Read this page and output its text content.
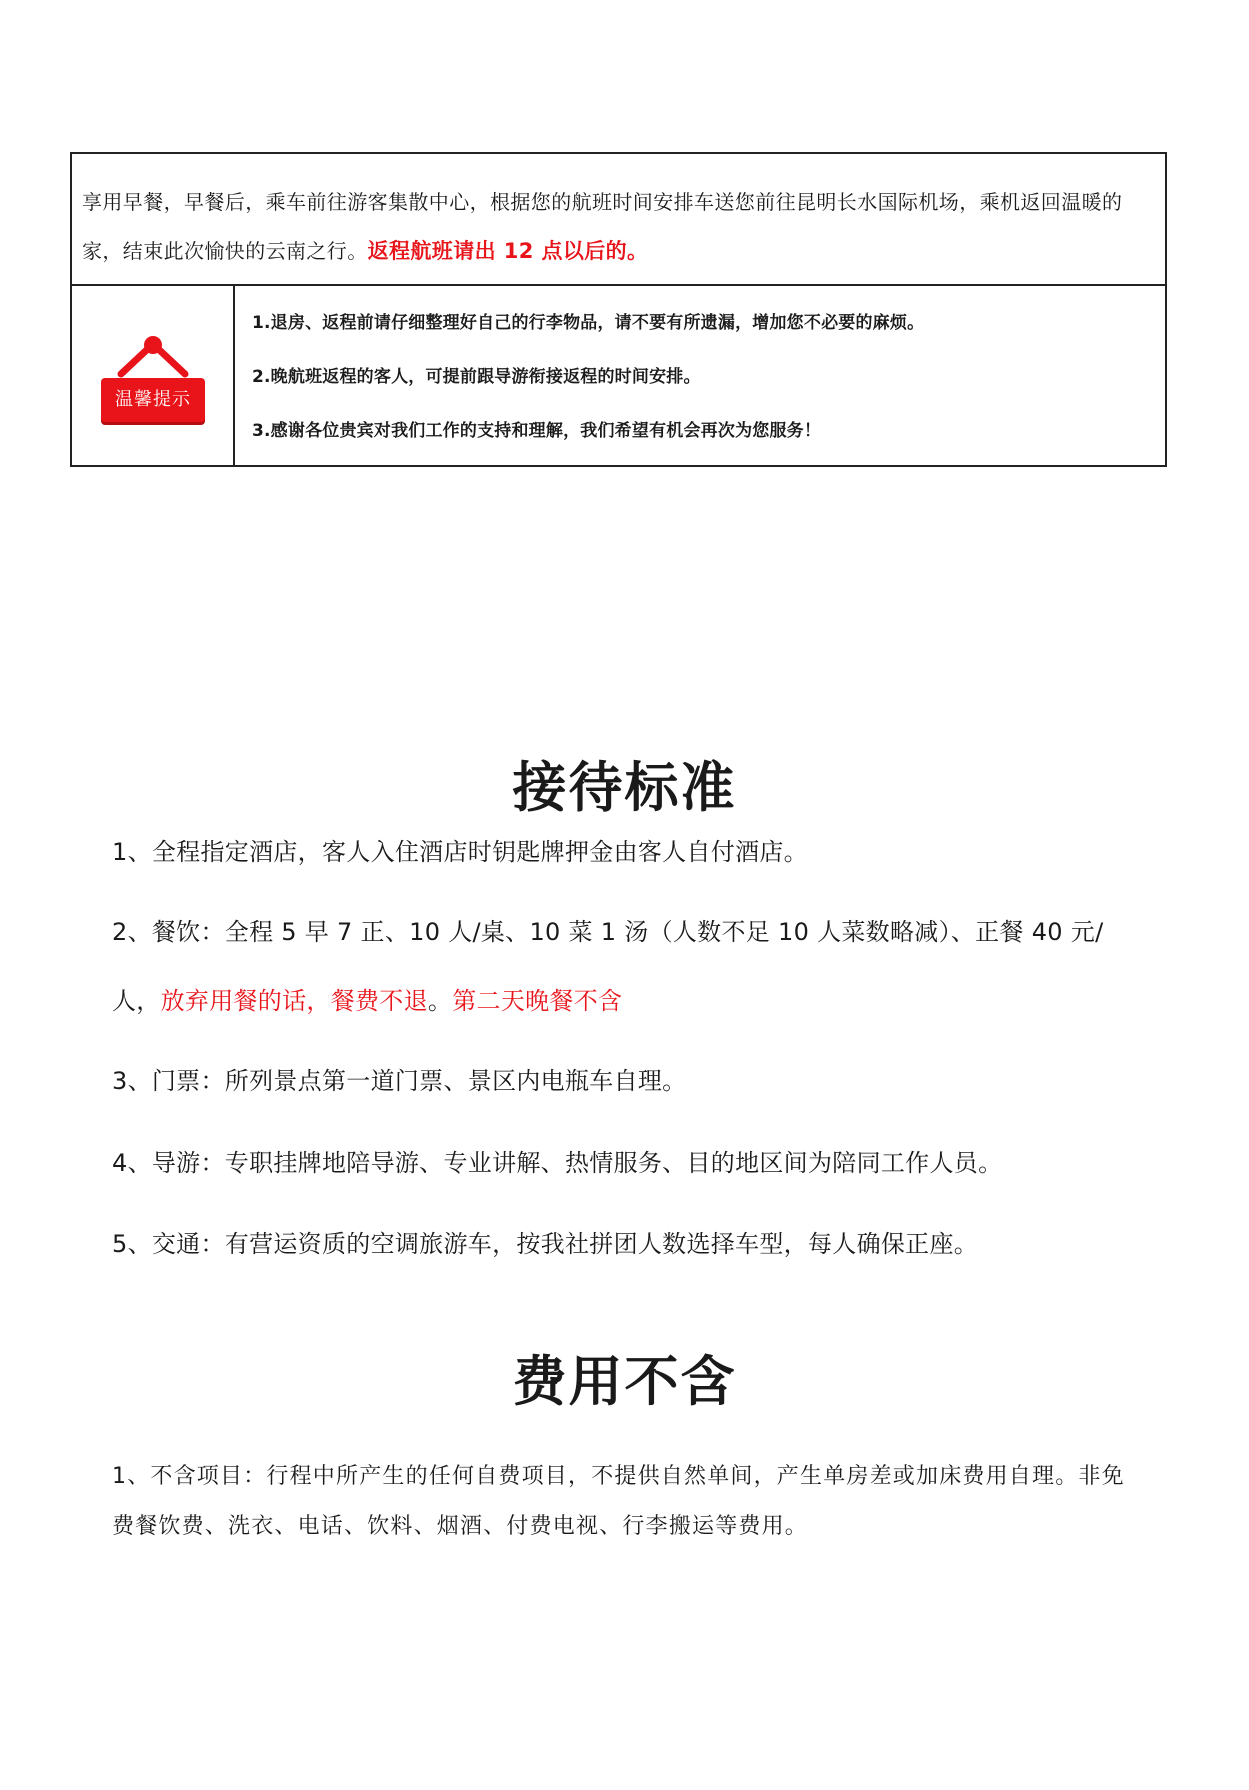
享用早餐，早餐后，乘车前往游客集散中心，根据您的航班时间安排车送您前往昆明长水国际机场，乘机返回温暖的家，结束此次愉快的云南之行。返程航班请出 12 点以后的。
温馨提示
1.退房、返程前请仔细整理好自己的行李物品，请不要有所遗漏，增加您不必要的麻烦。
2.晚航班返程的客人，可提前跟导游衔接返程的时间安排。
3.感谢各位贵宾对我们工作的支持和理解，我们希望有机会再次为您服务！
接待标准
1、全程指定酒店，客人入住酒店时钥匙牌押金由客人自付酒店。
2、餐饮：全程 5 早 7 正、10 人/桌、10 菜 1 汤（人数不足 10 人菜数略减）、正餐 40 元/
人，放弃用餐的话，餐费不退。第二天晚餐不含
3、门票：所列景点第一道门票、景区内电瓶车自理。
4、导游：专职挂牌地陪导游、专业讲解、热情服务、目的地区间为陪同工作人员。
5、交通：有营运资质的空调旅游车，按我社拼团人数选择车型，每人确保正座。
费用不含
1、不含项目：行程中所产生的任何自费项目，不提供自然单间，产生单房差或加床费用自理。非免费餐饮费、洗衣、电话、饮料、烟酒、付费电视、行李搬运等费用。
